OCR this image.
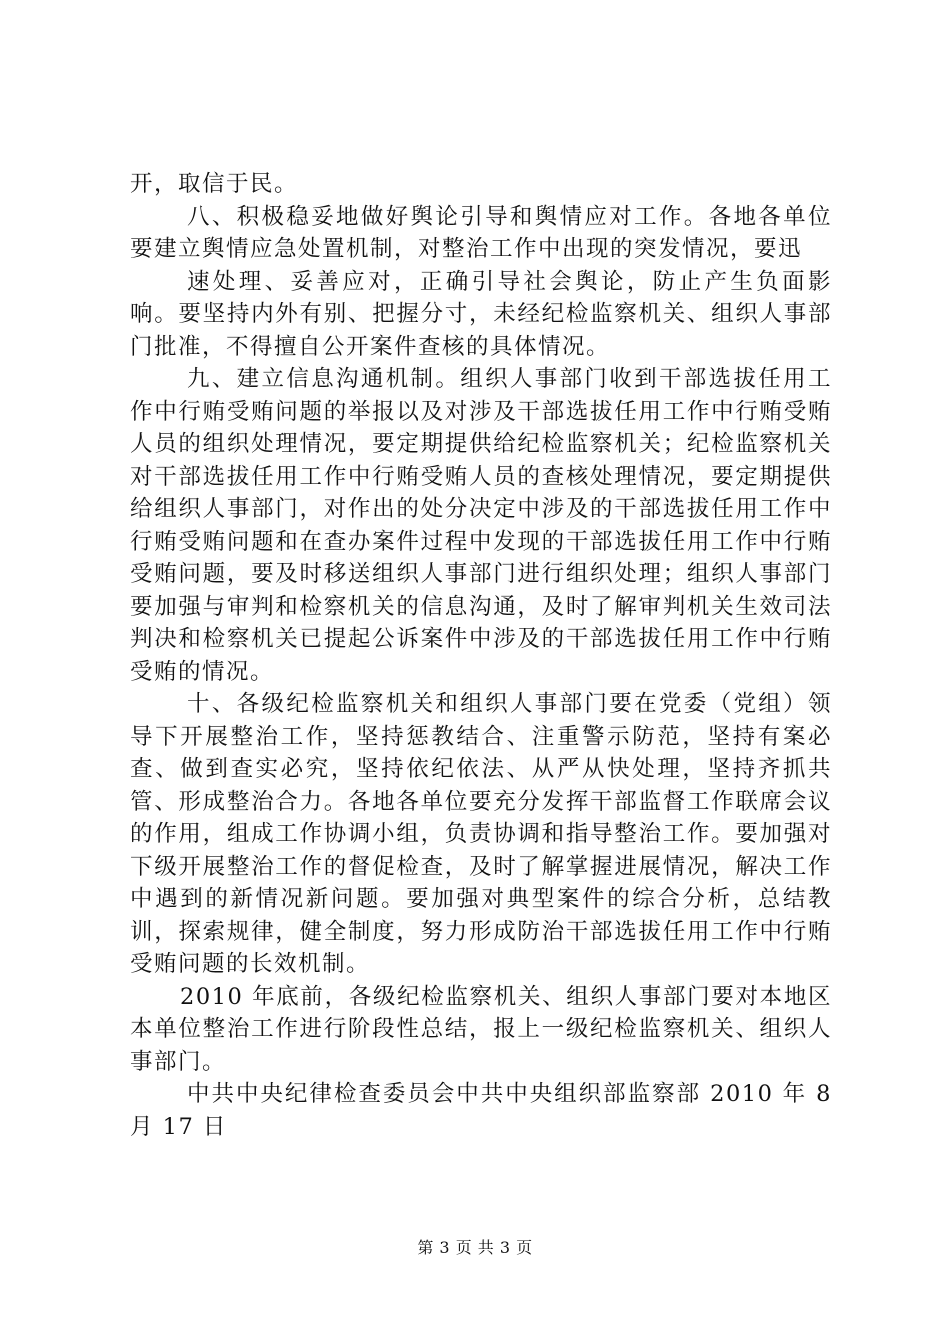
开，取信于民。

八、积极稳妥地做好舆论引导和舆情应对工作。各地各单位要建立舆情应急处置机制，对整治工作中出现的突发情况，要迅

速处理、妥善应对，正确引导社会舆论，防止产生负面影响。要坚持内外有别、把握分寸，未经纪检监察机关、组织人事部门批准，不得擅自公开案件查核的具体情况。

九、建立信息沟通机制。组织人事部门收到干部选拔任用工作中行贿受贿问题的举报以及对涉及干部选拔任用工作中行贿受贿人员的组织处理情况，要定期提供给纪检监察机关；纪检监察机关对干部选拔任用工作中行贿受贿人员的查核处理情况，要定期提供给组织人事部门，对作出的处分决定中涉及的干部选拔任用工作中行贿受贿问题和在查办案件过程中发现的干部选拔任用工作中行贿受贿问题，要及时移送组织人事部门进行组织处理；组织人事部门要加强与审判和检察机关的信息沟通，及时了解审判机关生效司法判决和检察机关已提起公诉案件中涉及的干部选拔任用工作中行贿受贿的情况。

十、各级纪检监察机关和组织人事部门要在党委（党组）领导下开展整治工作，坚持惩教结合、注重警示防范，坚持有案必查、做到查实必究，坚持依纪依法、从严从快处理，坚持齐抓共管、形成整治合力。各地各单位要充分发挥干部监督工作联席会议的作用，组成工作协调小组，负责协调和指导整治工作。要加强对下级开展整治工作的督促检查，及时了解掌握进展情况，解决工作中遇到的新情况新问题。要加强对典型案件的综合分析，总结教训，探索规律，健全制度，努力形成防治干部选拔任用工作中行贿受贿问题的长效机制。

2010 年底前，各级纪检监察机关、组织人事部门要对本地区本单位整治工作进行阶段性总结，报上一级纪检监察机关、组织人事部门。

中共中央纪律检查委员会中共中央组织部监察部 2010 年 8 月 17 日

第 3 页 共 3 页
